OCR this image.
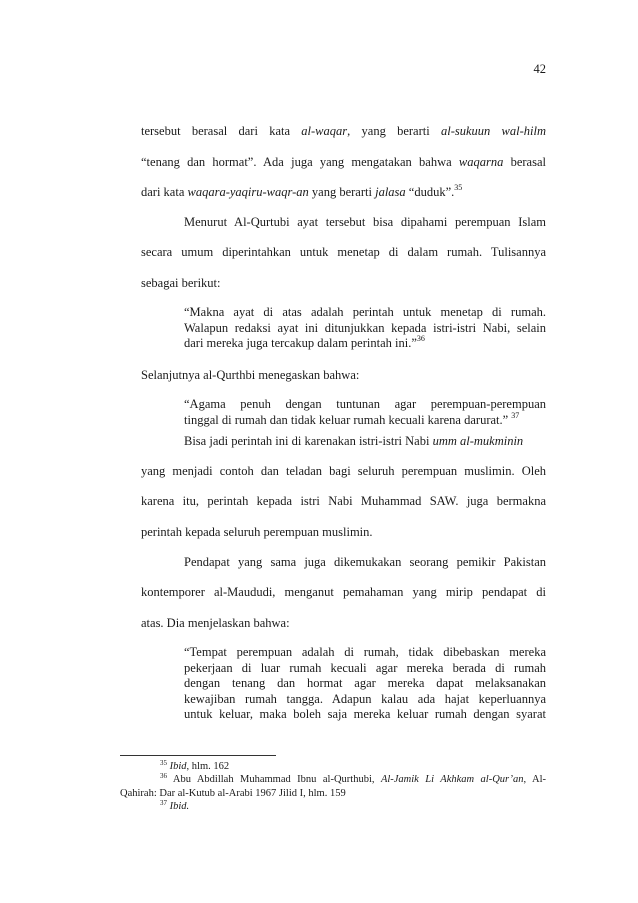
42
tersebut berasal dari kata al-waqar, yang berarti al-sukuun wal-hilm
“tenang dan hormat”. Ada juga yang mengatakan bahwa waqarna berasal
dari kata waqara-yaqiru-waqr-an yang berarti jalasa “duduk”.$^{35}$
Menurut Al-Qurtubi ayat tersebut bisa dipahami perempuan Islam
secara umum diperintahkan untuk menetap di dalam rumah. Tulisannya
sebagai berikut:
“Makna ayat di atas adalah perintah untuk menetap di rumah.
Walapun redaksi ayat ini ditunjukkan kepada istri-istri Nabi, selain
dari mereka juga tercakup dalam perintah ini.”$^{36}$
Selanjutnya al-Qurthbi menegaskan bahwa:
“Agama penuh dengan tuntunan agar perempuan-perempuan
tinggal di rumah dan tidak keluar rumah kecuali karena darurat.” $^{37}$
Bisa jadi perintah ini di karenakan istri-istri Nabi umm al-mukminin
yang menjadi contoh dan teladan bagi seluruh perempuan muslimin. Oleh
karena itu, perintah kepada istri Nabi Muhammad SAW. juga bermakna
perintah kepada seluruh perempuan muslimin.
Pendapat yang sama juga dikemukakan seorang pemikir Pakistan
kontemporer al-Maududi, menganut pemahaman yang mirip pendapat di
atas. Dia menjelaskan bahwa:
“Tempat perempuan adalah di rumah, tidak dibebaskan mereka
pekerjaan di luar rumah kecuali agar mereka berada di rumah
dengan tenang dan hormat agar mereka dapat melaksanakan
kewajiban rumah tangga. Adapun kalau ada hajat keperluannya
untuk keluar, maka boleh saja mereka keluar rumah dengan syarat
$^{35}$ Ibid, hlm. 162
$^{36}$ Abu Abdillah Muhammad Ibnu al-Qurthubi, Al-Jamik Li Akhkam al-Qur’an, Al-
Qahirah: Dar al-Kutub al-Arabi 1967 Jilid I, hlm. 159
$^{37}$ Ibid.
